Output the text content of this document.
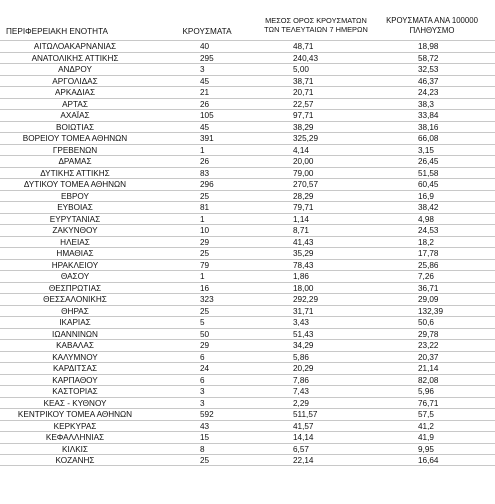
ΠΕΡΙΦΕΡΕΙΑΚΗ ΕΝΟΤΗΤΑ	ΚΡΟΥΣΜΑΤΑ
ΜΕΣΟΣ ΟΡΟΣ ΚΡΟΥΣΜΑΤΩΝ
ΤΩΝ ΤΕΛΕΥΤΑΙΩΝ 7 ΗΜΕΡΩΝ
ΚΡΟΥΣΜΑΤΑ ΑΝΑ 100000
ΠΛΗΘΥΣΜΟ
ΑΙΤΩΛΟΑΚΑΡΝΑΝΙΑΣ	40	48,71	18,98
ΑΝΑΤΟΛΙΚΗΣ ΑΤΤΙΚΗΣ	295	240,43	58,72
ΑΝΔΡΟΥ	3	5,00	32,53
ΑΡΓΟΛΙΔΑΣ	45	38,71	46,37
ΑΡΚΑΔΙΑΣ	21	20,71	24,23
ΑΡΤΑΣ	26	22,57	38,3
ΑΧΑΪΑΣ	105	97,71	33,84
ΒΟΙΩΤΙΑΣ	45	38,29	38,16
ΒΟΡΕΙΟΥ ΤΟΜΕΑ ΑΘΗΝΩΝ	391	325,29	66,08
ΓΡΕΒΕΝΩΝ	1	4,14	3,15
ΔΡΑΜΑΣ	26	20,00	26,45
ΔΥΤΙΚΗΣ ΑΤΤΙΚΗΣ	83	79,00	51,58
ΔΥΤΙΚΟΥ ΤΟΜΕΑ ΑΘΗΝΩΝ	296	270,57	60,45
ΕΒΡΟΥ	25	28,29	16,9
ΕΥΒΟΙΑΣ	81	79,71	38,42
ΕΥΡΥΤΑΝΙΑΣ	1	1,14	4,98
ΖΑΚΥΝΘΟΥ	10	8,71	24,53
ΗΛΕΙΑΣ	29	41,43	18,2
ΗΜΑΘΙΑΣ	25	35,29	17,78
ΗΡΑΚΛΕΙΟΥ	79	78,43	25,86
ΘΑΣΟΥ	1	1,86	7,26
ΘΕΣΠΡΩΤΙΑΣ	16	18,00	36,71
ΘΕΣΣΑΛΟΝΙΚΗΣ	323	292,29	29,09
ΘΗΡΑΣ	25	31,71	132,39
ΙΚΑΡΙΑΣ	5	3,43	50,6
ΙΩΑΝΝΙΝΩΝ	50	51,43	29,78
ΚΑΒΑΛΑΣ	29	34,29	23,22
ΚΑΛΥΜΝΟΥ	6	5,86	20,37
ΚΑΡΔΙΤΣΑΣ	24	20,29	21,14
ΚΑΡΠΑΘΟΥ	6	7,86	82,08
ΚΑΣΤΟΡΙΑΣ	3	7,43	5,96
ΚΕΑΣ - ΚΥΘΝΟΥ	3	2,29	76,71
ΚΕΝΤΡΙΚΟΥ ΤΟΜΕΑ ΑΘΗΝΩΝ	592	511,57	57,5
ΚΕΡΚΥΡΑΣ	43	41,57	41,2
ΚΕΦΑΛΛΗΝΙΑΣ	15	14,14	41,9
ΚΙΛΚΙΣ	8	6,57	9,95
ΚΟΖΑΝΗΣ	25	22,14	16,64
